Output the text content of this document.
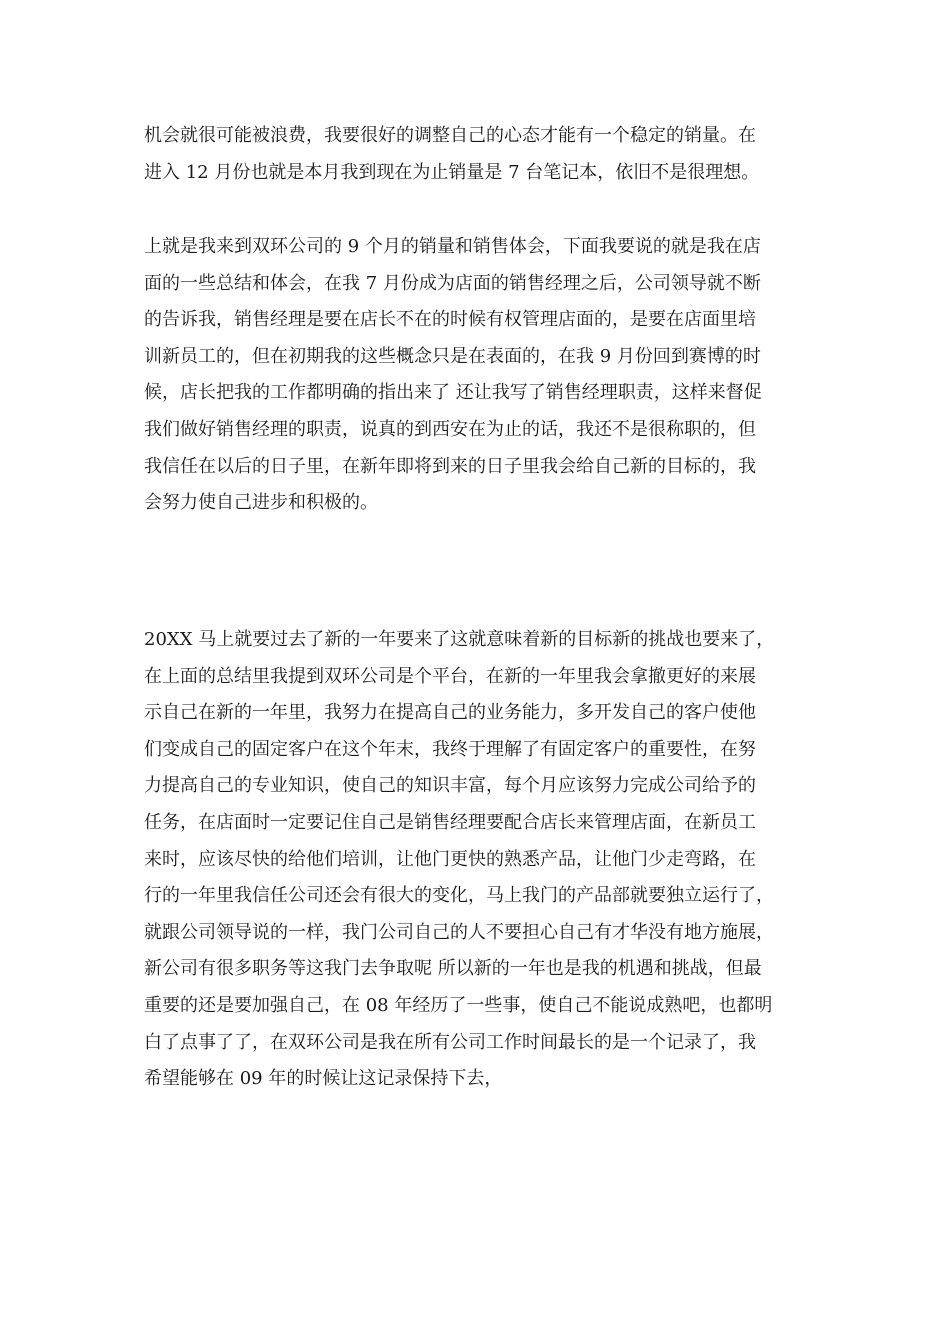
机会就很可能被浪费，我要很好的调整自己的心态才能有一个稳定的销量。在
进入 12 月份也就是本月我到现在为止销量是 7 台笔记本，依旧不是很理想。
上就是我来到双环公司的 9 个月的销量和销售体会，下面我要说的就是我在店
面的一些总结和体会，在我 7 月份成为店面的销售经理之后，公司领导就不断
的告诉我，销售经理是要在店长不在的时候有权管理店面的，是要在店面里培
训新员工的，但在初期我的这些概念只是在表面的，在我 9 月份回到赛博的时
候，店长把我的工作都明确的指出来了 还让我写了销售经理职责，这样来督促
我们做好销售经理的职责，说真的到西安在为止的话，我还不是很称职的，但
我信任在以后的日子里，在新年即将到来的日子里我会给自己新的目标的，我
会努力使自己进步和积极的。
20XX 马上就要过去了新的一年要来了这就意味着新的目标新的挑战也要来了，
在上面的总结里我提到双环公司是个平台，在新的一年里我会拿撤更好的来展
示自己在新的一年里，我努力在提高自己的业务能力，多开发自己的客户使他
们变成自己的固定客户在这个年末，我终于理解了有固定客户的重要性，在努
力提高自己的专业知识，使自己的知识丰富，每个月应该努力完成公司给予的
任务，在店面时一定要记住自己是销售经理要配合店长来管理店面，在新员工
来时，应该尽快的给他们培训，让他门更快的熟悉产品，让他门少走弯路，在
行的一年里我信任公司还会有很大的变化，马上我门的产品部就要独立运行了，
就跟公司领导说的一样，我门公司自己的人不要担心自己有才华没有地方施展，
新公司有很多职务等这我门去争取呢 所以新的一年也是我的机遇和挑战，但最
重要的还是要加强自己，在 08 年经历了一些事，使自己不能说成熟吧，也都明
白了点事了了，在双环公司是我在所有公司工作时间最长的是一个记录了，我
希望能够在 09 年的时候让这记录保持下去，
